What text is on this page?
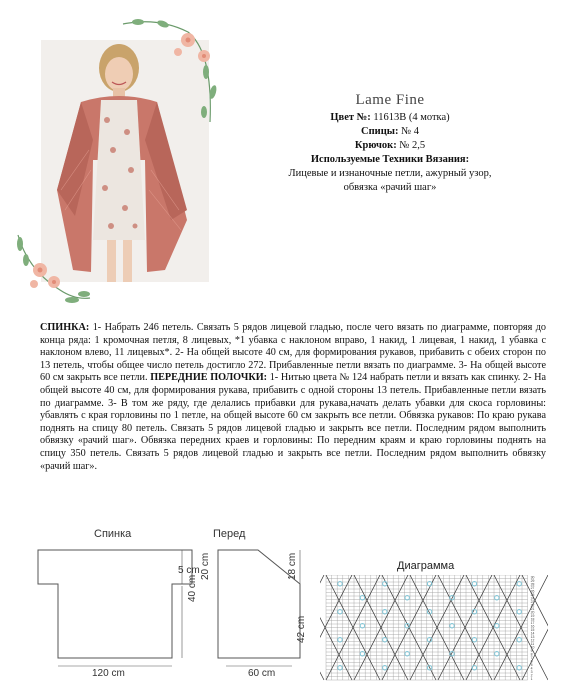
Lame Fine
Цвет №: 11613B (4 мотка)
Спицы: № 4
Крючок: № 2,5
Используемые Техники Вязания:
Лицевые и изнаночные петли, ажурный узор,
обвязка «рачий шаг»
СПИНКА: 1- Набрать 246 петель. Связать 5 рядов лицевой гладью, после чего вязать по диаграмме, повторяя до конца ряда: 1 кромочная петля, 8 лицевых, *1 убавка с наклоном вправо, 1 накид, 1 лицевая, 1 накид, 1 убавка с наклоном влево, 11 лицевых*. 2- На общей высоте 40 см, для формирования рукавов, прибавить с обеих сторон по 13 петель, чтобы общее число петель достигло 272. Прибавленные петли вязать по диаграмме. 3- На общей высоте 60 см закрыть все петли. ПЕРЕДНИЕ ПОЛОЧКИ: 1- Нитью цвета № 124 набрать петли и вязать как спинку. 2- На общей высоте 40 см, для формирования рукава, прибавить с одной стороны 13 петель. Прибавленные петли вязать по диаграмме. 3- В том же ряду, где делались прибавки для рукава,начать делать убавки для скоса горловины: убавлять с края горловины по 1 петле, на общей высоте 60 см закрыть все петли. Обвязка рукавов: По краю рукава поднять на спицу 80 петель. Связать 5 рядов лицевой гладью и закрыть все петли. Последним рядом выполнить обвязку «рачий шаг». Обвязка передних краев и горловины: По передним краям и краю горловины поднять на спицу 350 петель. Связать 5 рядов лицевой гладью и закрыть все петли. Последним рядом выполнить обвязку «рачий шаг».
Спинка
5 cm
40 cm
120 cm
Перед
20 cm	18 cm
42 cm
60 cm
Диаграмма
30
29
28
27
26
25
24
23
22
21
20
19
18
17
16
15
14
13
12
11
10
9
8
7
6
5
4
3
2
1
